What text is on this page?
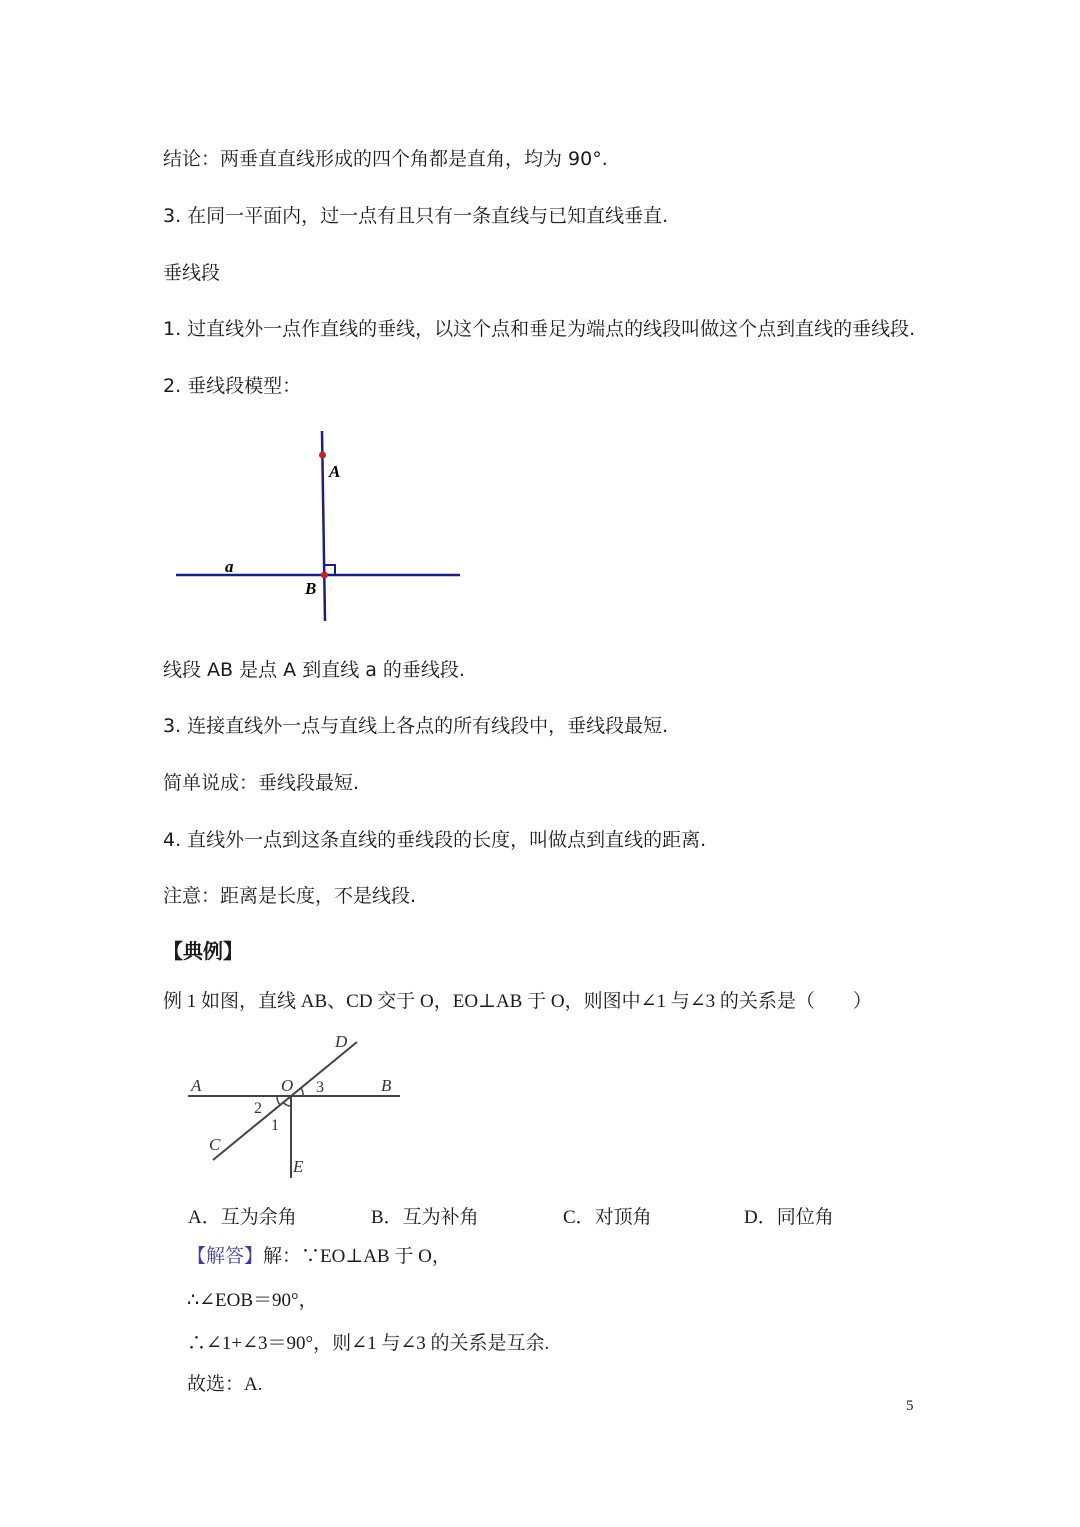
结论：两垂直直线形成的四个角都是直角，均为 90°.
3. 在同一平面内，过一点有且只有一条直线与已知直线垂直.
垂线段
1. 过直线外一点作直线的垂线，以这个点和垂足为端点的线段叫做这个点到直线的垂线段.
2. 垂线段模型：
A
a
B
线段 AB 是点 A 到直线 a 的垂线段.
3. 连接直线外一点与直线上各点的所有线段中，垂线段最短.
简单说成：垂线段最短.
4. 直线外一点到这条直线的垂线段的长度，叫做点到直线的距离.
注意：距离是长度，不是线段.
【典例】
例 1 如图，直线 AB、CD 交于 O，EO⊥AB 于 O，则图中∠1 与∠3 的关系是（　　）
A	O 3	B
D
2
1
C
E
A．互为余角	B．互为补角	C．对顶角	D．同位角
【解答】解：∵EO⊥AB 于 O，
∴∠EOB＝90°，
∴∠1+∠3＝90°，则∠1 与∠3 的关系是互余.
故选：A.
5
